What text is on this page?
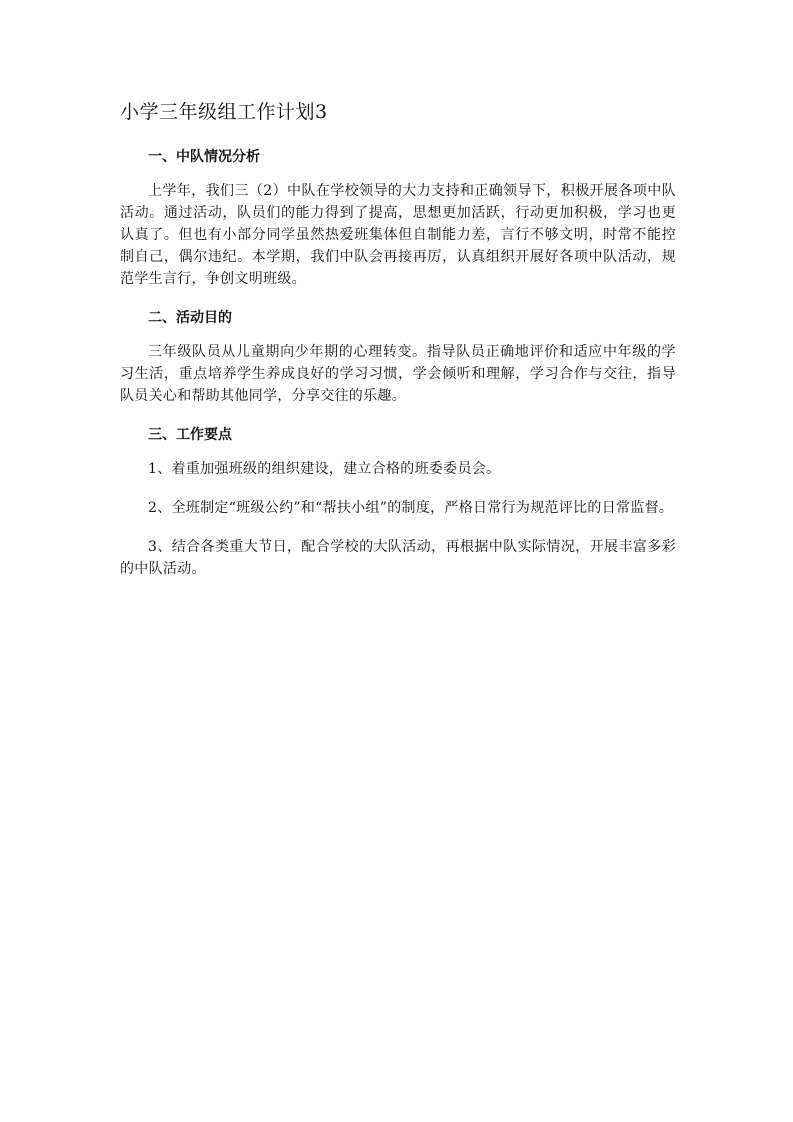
小学三年级组工作计划3
一、中队情况分析

上学年，我们三（2）中队在学校领导的大力支持和正确领导下，积极开展各项中队活动。通过活动，队员们的能力得到了提高，思想更加活跃，行动更加积极，学习也更认真了。但也有小部分同学虽然热爱班集体但自制能力差，言行不够文明，时常不能控制自己，偶尔违纪。本学期，我们中队会再接再厉，认真组织开展好各项中队活动，规范学生言行，争创文明班级。

二、活动目的

三年级队员从儿童期向少年期的心理转变。指导队员正确地评价和适应中年级的学习生活，重点培养学生养成良好的学习习惯，学会倾听和理解，学习合作与交往，指导队员关心和帮助其他同学，分享交往的乐趣。

三、工作要点

1、着重加强班级的组织建设，建立合格的班委委员会。

2、全班制定“班级公约”和“帮扶小组”的制度，严格日常行为规范评比的日常监督。

3、结合各类重大节日，配合学校的大队活动，再根据中队实际情况，开展丰富多彩的中队活动。
